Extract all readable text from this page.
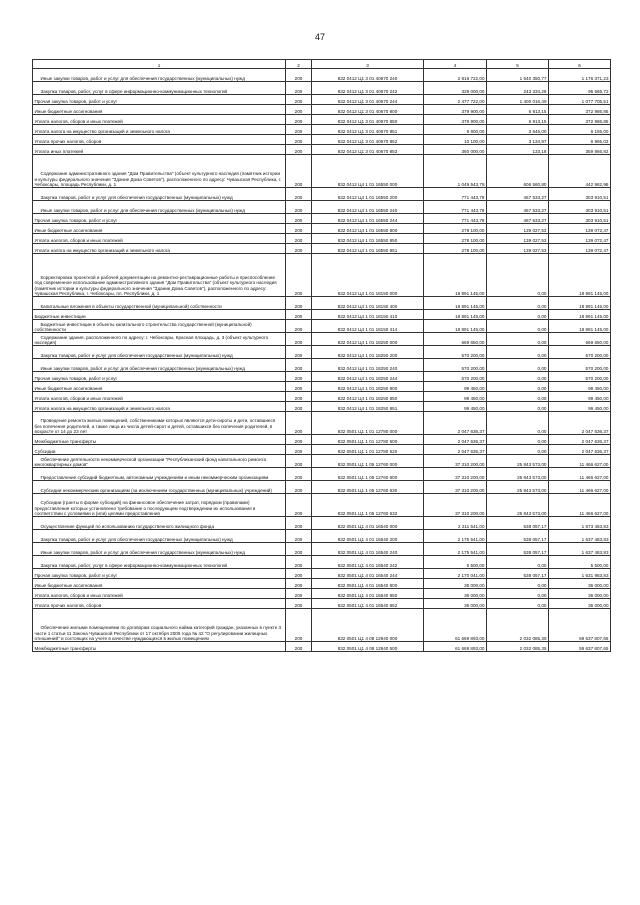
47
1	2	3	4	5	6
Иные закупки товаров, работ и услуг для обеспечения государственных (муниципальных) нужд	200	832 0412 Ц1 3 01 40670 240	2 816 722,00	1 640 350,77	1 176 371,23
Закупка товаров, работ, услуг в сфере информационно-коммуникационных технологий	200	832 0412 Ц1 3 01 40670 242	339 000,00	243 334,28	95 665,72
Прочая закупка товаров, работ и услуг	200	832 0412 Ц1 3 01 40670 244	2 477 722,00	1 400 016,49	1 077 705,51
Иные бюджетные ассигнования	200	832 0412 Ц1 3 01 40670 800	379 900,00	6 913,15	372 986,85
Уплата налогов, сборов и иных платежей	200	832 0412 Ц1 3 01 40670 850	379 900,00	6 913,15	372 986,85
Уплата налога на имущество организаций и земельного налога	200	832 0412 Ц1 3 01 40670 851	9 800,00	3 645,00	6 155,00
Уплата прочих налогов, сборов	200	832 0412 Ц1 3 01 40670 852	10 100,00	3 134,97	6 965,03
Уплата иных платежей	200	832 0412 Ц1 3 01 40670 853	360 000,00	133,18	359 866,82
Содержание административного здания "Дом Правительства" (объект культурного наследия (памятник истории и культуры федерального значения "Здание Дома Советов"), расположенного по адресу: Чувашская Республика, г. Чебоксары, площадь Республики, д. 1	200	832 0412 Ц4 1 01 16550 000	1 049 543,78	606 560,80	442 982,98
Закупка товаров, работ и услуг для обеспечения государственных (муниципальных) нужд	200	832 0412 Ц4 1 01 16550 200	771 443,78	467 533,27	303 910,51
Иные закупки товаров, работ и услуг для обеспечения государственных (муниципальных) нужд	200	832 0412 Ц4 1 01 16550 240	771 443,78	467 533,27	303 910,51
Прочая закупка товаров, работ и услуг	200	832 0412 Ц4 1 01 16550 244	771 443,78	467 533,27	303 910,51
Иные бюджетные ассигнования	200	832 0412 Ц4 1 01 16550 800	278 100,00	139 027,53	139 072,47
Уплата налогов, сборов и иных платежей	200	832 0412 Ц4 1 01 16550 850	278 100,00	139 027,53	139 072,47
Уплата налога на имущество организаций и земельного налога	200	832 0412 Ц4 1 01 16550 851	278 100,00	139 027,53	139 072,47
Корректировка проектной и рабочей документации на ремонтно-реставрационные работы и приспособление под современное использование административного здания "Дом Правительства" (объект культурного наследия (памятник истории и культуры федерального значения "Здание Дома Советов"), расположенного по адресу: Чувашская Республика, г. Чебоксары, пл. Республики, д. 1	200	832 0412 Ц4 1 01 18150 000	18 891 145,00	0,00	18 891 145,00
Капитальные вложения в объекты государственной (муниципальной) собственности	200	832 0412 Ц4 1 01 18150 400	18 891 145,00	0,00	18 891 145,00
Бюджетные инвестиции	200	832 0412 Ц4 1 01 18150 410	18 891 145,00	0,00	18 891 145,00
Бюджетные инвестиции в объекты капитального строительства государственной (муниципальной) собственности	200	832 0412 Ц4 1 01 18150 414	18 891 145,00	0,00	18 891 145,00
Содержание здания, расположенного по адресу: г. Чебоксары, Красная площадь, д. 3 (объект культурного наследия)	200	832 0412 Ц4 1 01 18250 000	669 650,00	0,00	669 650,00
Закупка товаров, работ и услуг для обеспечения государственных (муниципальных) нужд	200	832 0412 Ц4 1 01 18250 200	570 200,00	0,00	570 200,00
Иные закупки товаров, работ и услуг для обеспечения государственных (муниципальных) нужд	200	832 0412 Ц4 1 01 18250 240	570 200,00	0,00	570 200,00
Прочая закупка товаров, работ и услуг	200	832 0412 Ц4 1 01 18250 244	570 200,00	0,00	570 200,00
Иные бюджетные ассигнования	200	832 0412 Ц4 1 01 18250 800	99 450,00	0,00	99 450,00
Уплата налогов, сборов и иных платежей	200	832 0412 Ц4 1 01 18250 850	99 450,00	0,00	99 450,00
Уплата налога на имущество организаций и земельного налога	200	832 0412 Ц4 1 01 18250 851	99 450,00	0,00	99 450,00
Проведение ремонта жилых помещений, собственниками которых являются дети-сироты и дети, оставшиеся без попечения родителей, а также лица из числа детей-сирот и детей, оставшихся без попечения родителей, в возрасте от 14 до 23 лет	200	832 0501 Ц1 1 01 12780 000	2 047 636,37	0,00	2 047 636,37
Межбюджетные трансферты	200	832 0501 Ц1 1 01 12780 500	2 047 636,37	0,00	2 047 636,37
Субсидии	200	832 0501 Ц1 1 01 12780 520	2 047 636,37	0,00	2 047 636,37
Обеспечение деятельности некоммерческой организации "Республиканский фонд капитального ремонта многоквартирных домов"	200	832 0501 Ц1 1 05 12760 000	37 310 200,00	25 843 573,00	11 466 627,00
Предоставление субсидий бюджетным, автономным учреждениям и иным некоммерческим организациям	200	832 0501 Ц1 1 05 12760 600	37 310 200,00	25 843 573,00	11 466 627,00
Субсидии некоммерческим организациям (за исключением государственных (муниципальных) учреждений)	200	832 0501 Ц1 1 05 12760 630	37 310 200,00	25 843 573,00	11 466 627,00
Субсидии (гранты в форме субсидий) на финансовое обеспечение затрат, порядком (правилами) предоставления которых установлено требование о последующем подтверждении их использования в соответствии с условиями и (или) целями предоставления	200	832 0501 Ц1 1 05 12760 632	37 310 200,00	25 843 573,00	11 466 627,00
Осуществление функций по использованию государственного жилищного фонда	200	832 0501 Ц1 4 01 16540 000	2 211 541,00	538 057,17	1 673 483,83
Закупка товаров, работ и услуг для обеспечения государственных (муниципальных) нужд	200	832 0501 Ц1 4 01 16540 200	2 175 541,00	538 057,17	1 637 483,83
Иные закупки товаров, работ и услуг для обеспечения государственных (муниципальных) нужд	200	832 0501 Ц1 4 01 16540 240	2 175 541,00	538 057,17	1 637 483,83
Закупка товаров, работ, услуг в сфере информационно-коммуникационных технологий	200	832 0501 Ц1 4 01 16540 242	5 500,00	0,00	5 500,00
Прочая закупка товаров, работ и услуг	200	832 0501 Ц1 4 01 16540 244	2 170 041,00	538 057,17	1 631 983,83
Иные бюджетные ассигнования	200	832 0501 Ц1 4 01 16540 800	36 000,00	0,00	36 000,00
Уплата налогов, сборов и иных платежей	200	832 0501 Ц1 4 01 16540 850	36 000,00	0,00	36 000,00
Уплата прочих налогов, сборов	200	832 0501 Ц1 4 01 16540 852	36 000,00	0,00	36 000,00
Обеспечение жилыми помещениями по договорам социального найма категорий граждан, указанных в пункте 3 части 1 статьи 11 Закона Чувашской Республики от 17 октября 2005 года № 42 "О регулировании жилищных отношений" и состоящих на учете в качестве нуждающихся в жилых помещениях	200	832 0501 Ц1 4 08 12940 000	61 669 893,00	2 032 085,35	59 637 807,65
Межбюджетные трансферты	200	832 0501 Ц1 4 08 12940 500	61 669 893,00	2 032 085,35	59 637 807,65
